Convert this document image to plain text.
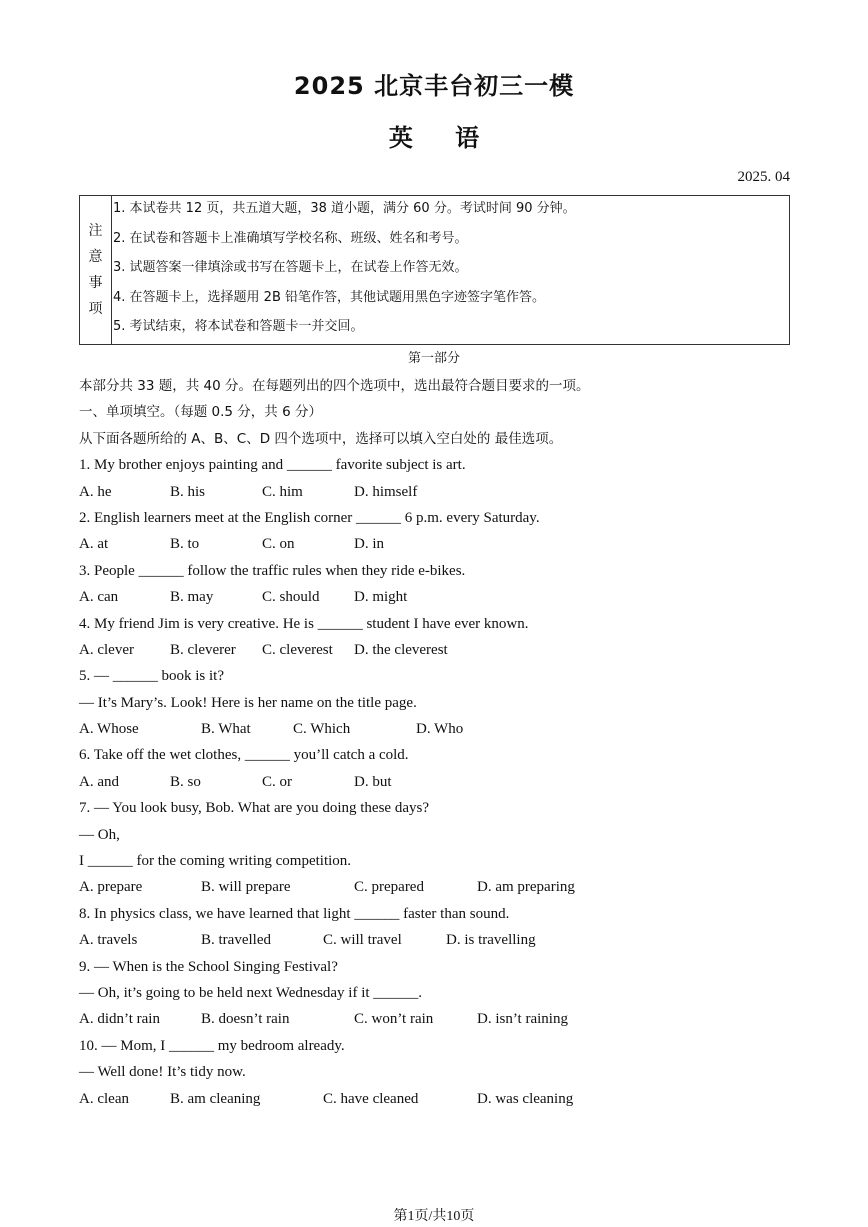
2025 北京丰台初三一模
英 语
2025. 04
注
意
事
项
1. 本试卷共 12 页，共五道大题，38 道小题，满分 60 分。考试时间 90 分钟。
2. 在试卷和答题卡上准确填写学校名称、班级、姓名和考号。
3. 试题答案一律填涂或书写在答题卡上，在试卷上作答无效。
4. 在答题卡上，选择题用 2B 铅笔作答，其他试题用黑色字迹签字笔作答。
5. 考试结束，将本试卷和答题卡一并交回。
第一部分
本部分共 33 题，共 40 分。在每题列出的四个选项中，选出最符合题目要求的一项。
一、单项填空。（每题 0.5 分，共 6 分）
从下面各题所给的 A、B、C、D 四个选项中，选择可以填入空白处的 最佳选项。
1. My brother enjoys painting and ______ favorite subject is art.
A. he	B. his	C. him	D. himself
2. English learners meet at the English corner ______ 6 p.m. every Saturday.
A. at	B. to	C. on	D. in
3. People ______ follow the traffic rules when they ride e-bikes.
A. can	B. may	C. should D. might
4. My friend Jim is very creative. He is ______ student I have ever known.
A. clever B. cleverer C. cleverest D. the cleverest
5. — ______ book is it?
— It’s Mary’s. Look! Here is her name on the title page.
A. Whose	B. What	C. Which	D. Who
6. Take off the wet clothes, ______ you’ll catch a cold.
A. and	B. so	C. or	D. but
7. — You look busy, Bob. What are you doing these days?
— Oh,
I ______ for the coming writing competition.
A. prepare	B. will prepare	C. prepared	D. am preparing
8. In physics class, we have learned that light ______ faster than sound.
A. travels	B. travelled	C. will travel	D. is travelling
9. — When is the School Singing Festival?
— Oh, it’s going to be held next Wednesday if it ______.
A. didn’t rain	B. doesn’t rain	C. won’t rain	D. isn’t raining
10. — Mom, I ______ my bedroom already.
— Well done! It’s tidy now.
A. clean	B. am cleaning	C. have cleaned	D. was cleaning
第1页/共10页
